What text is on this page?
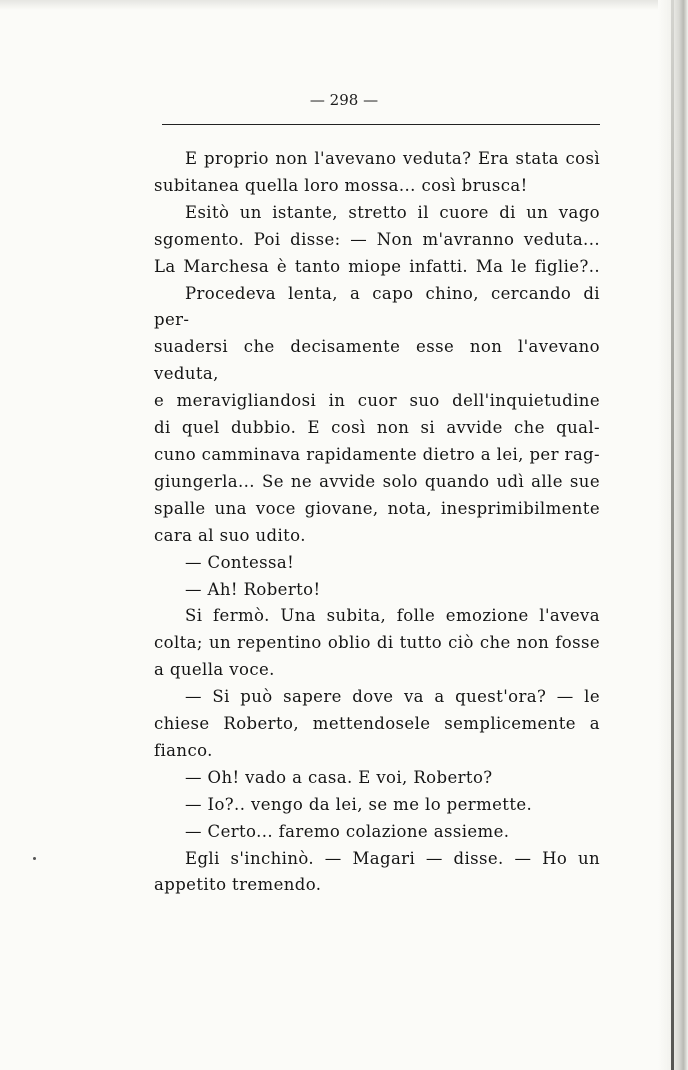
— 298 —

E proprio non l'avevano veduta? Era stata così

subitanea quella loro mossa... così brusca!

Esitò un istante, stretto il cuore di un vago

sgomento. Poi disse: — Non m'avranno veduta...

La Marchesa è tanto miope infatti. Ma le figlie?..

Procedeva lenta, a capo chino, cercando di per-

suadersi che decisamente esse non l'avevano veduta,

e meravigliandosi in cuor suo dell'inquietudine

di quel dubbio. E così non si avvide che qual-

cuno camminava rapidamente dietro a lei, per rag-

giungerla... Se ne avvide solo quando udì alle sue

spalle una voce giovane, nota, inesprimibilmente

cara al suo udito.

— Contessa!

— Ah! Roberto!

Si fermò. Una subita, folle emozione l'aveva

colta; un repentino oblio di tutto ciò che non fosse

a quella voce.

— Si può sapere dove va a quest'ora? — le

chiese Roberto, mettendosele semplicemente a

fianco.

— Oh! vado a casa. E voi, Roberto?

— Io?.. vengo da lei, se me lo permette.

— Certo... faremo colazione assieme.

Egli s'inchinò. — Magari — disse. — Ho un

appetito tremendo.
